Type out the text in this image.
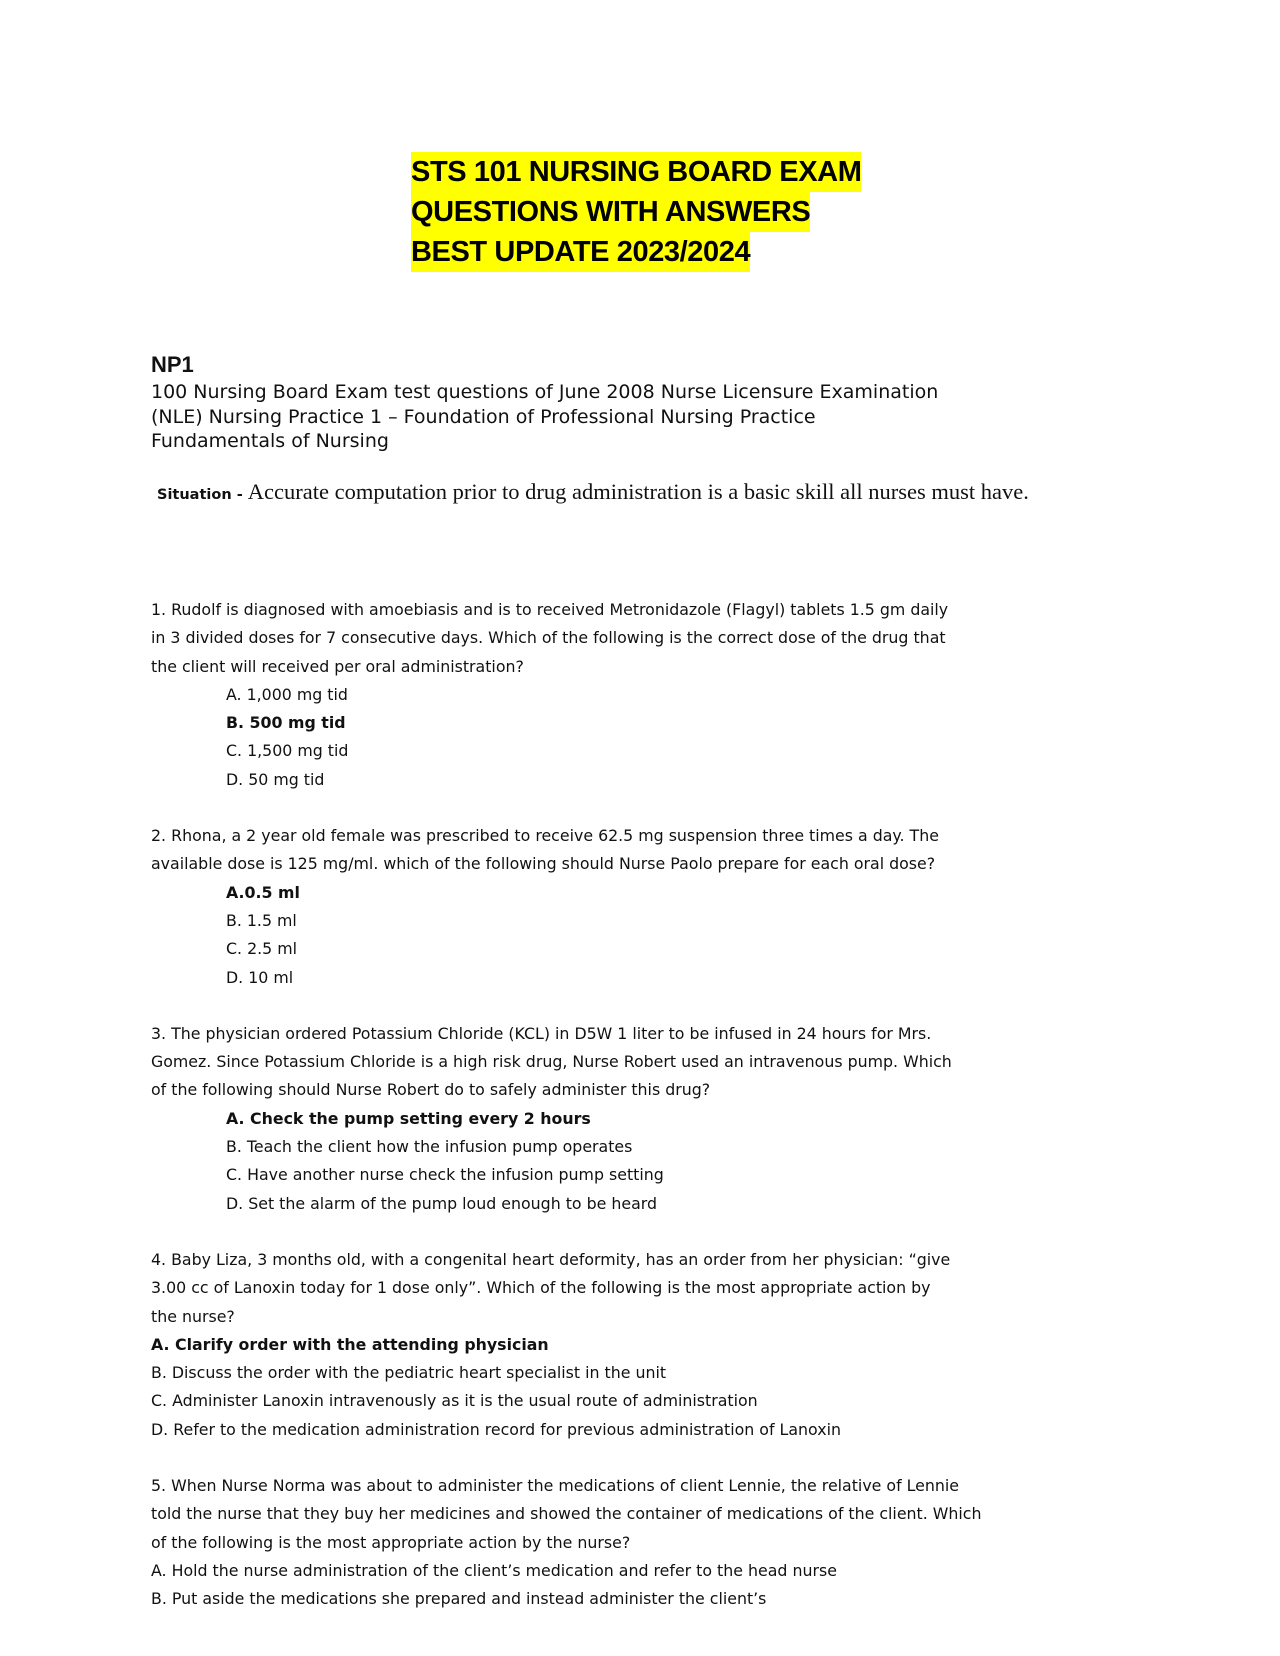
STS 101 NURSING BOARD EXAM
QUESTIONS WITH ANSWERS
BEST UPDATE 2023/2024
NP1
100 Nursing Board Exam test questions of June 2008 Nurse Licensure Examination
(NLE) Nursing Practice 1 – Foundation of Professional Nursing Practice
Fundamentals of Nursing
Situation - Accurate computation prior to drug administration is a basic skill all nurses must have.
1. Rudolf is diagnosed with amoebiasis and is to received Metronidazole (Flagyl) tablets 1.5 gm daily
in 3 divided doses for 7 consecutive days. Which of the following is the correct dose of the drug that
the client will received per oral administration?
A. 1,000 mg tid
B. 500 mg tid
C. 1,500 mg tid
D. 50 mg tid
2. Rhona, a 2 year old female was prescribed to receive 62.5 mg suspension three times a day. The
available dose is 125 mg/ml. which of the following should Nurse Paolo prepare for each oral dose?
A.0.5 ml
B. 1.5 ml
C. 2.5 ml
D. 10 ml
3. The physician ordered Potassium Chloride (KCL) in D5W 1 liter to be infused in 24 hours for Mrs.
Gomez. Since Potassium Chloride is a high risk drug, Nurse Robert used an intravenous pump. Which
of the following should Nurse Robert do to safely administer this drug?
A. Check the pump setting every 2 hours
B. Teach the client how the infusion pump operates
C. Have another nurse check the infusion pump setting
D. Set the alarm of the pump loud enough to be heard
4. Baby Liza, 3 months old, with a congenital heart deformity, has an order from her physician: “give
3.00 cc of Lanoxin today for 1 dose only”. Which of the following is the most appropriate action by
the nurse?
A. Clarify order with the attending physician
B. Discuss the order with the pediatric heart specialist in the unit
C. Administer Lanoxin intravenously as it is the usual route of administration
D. Refer to the medication administration record for previous administration of Lanoxin
5. When Nurse Norma was about to administer the medications of client Lennie, the relative of Lennie
told the nurse that they buy her medicines and showed the container of medications of the client. Which
of the following is the most appropriate action by the nurse?
A. Hold the nurse administration of the client’s medication and refer to the head nurse
B. Put aside the medications she prepared and instead administer the client’s
